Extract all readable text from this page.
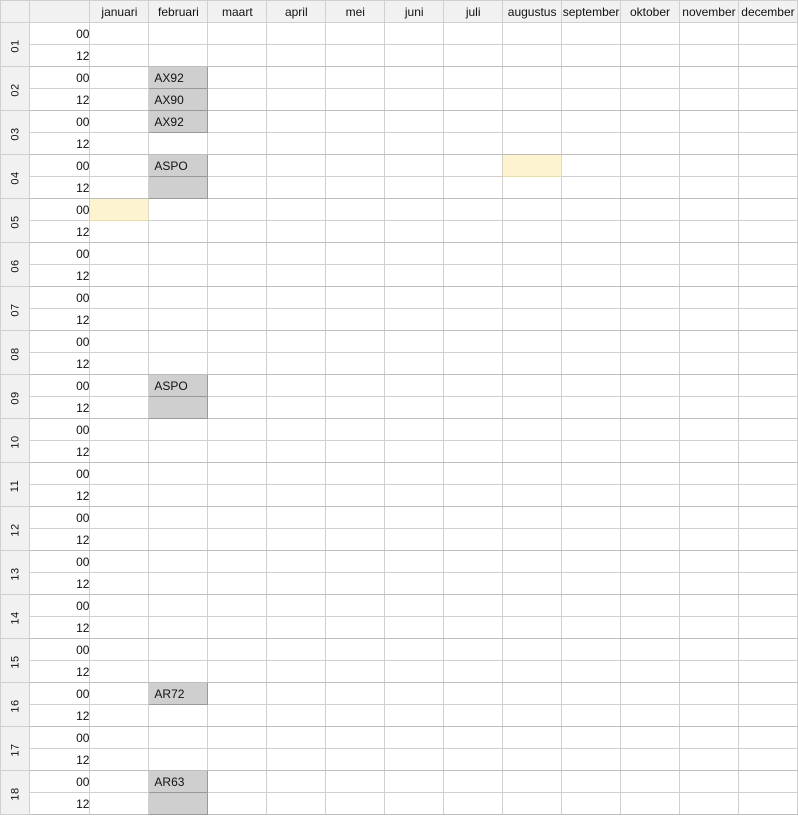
		januari	februari	maart	april	mei	juni	juli	augustus	september	oktober	november	december
01	00												
	12												
02	00		AX92										
	12		AX90										
03	00		AX92										
	12												
04	00		ASPO										
	12												
05	00												
	12												
06	00												
	12												
07	00												
	12												
08	00												
	12												
09	00		ASPO										
	12												
10	00												
	12												
11	00												
	12												
12	00												
	12												
13	00												
	12												
14	00												
	12												
15	00												
	12												
16	00		AR72										
	12												
17	00												
	12												
18	00		AR63										
	12												
